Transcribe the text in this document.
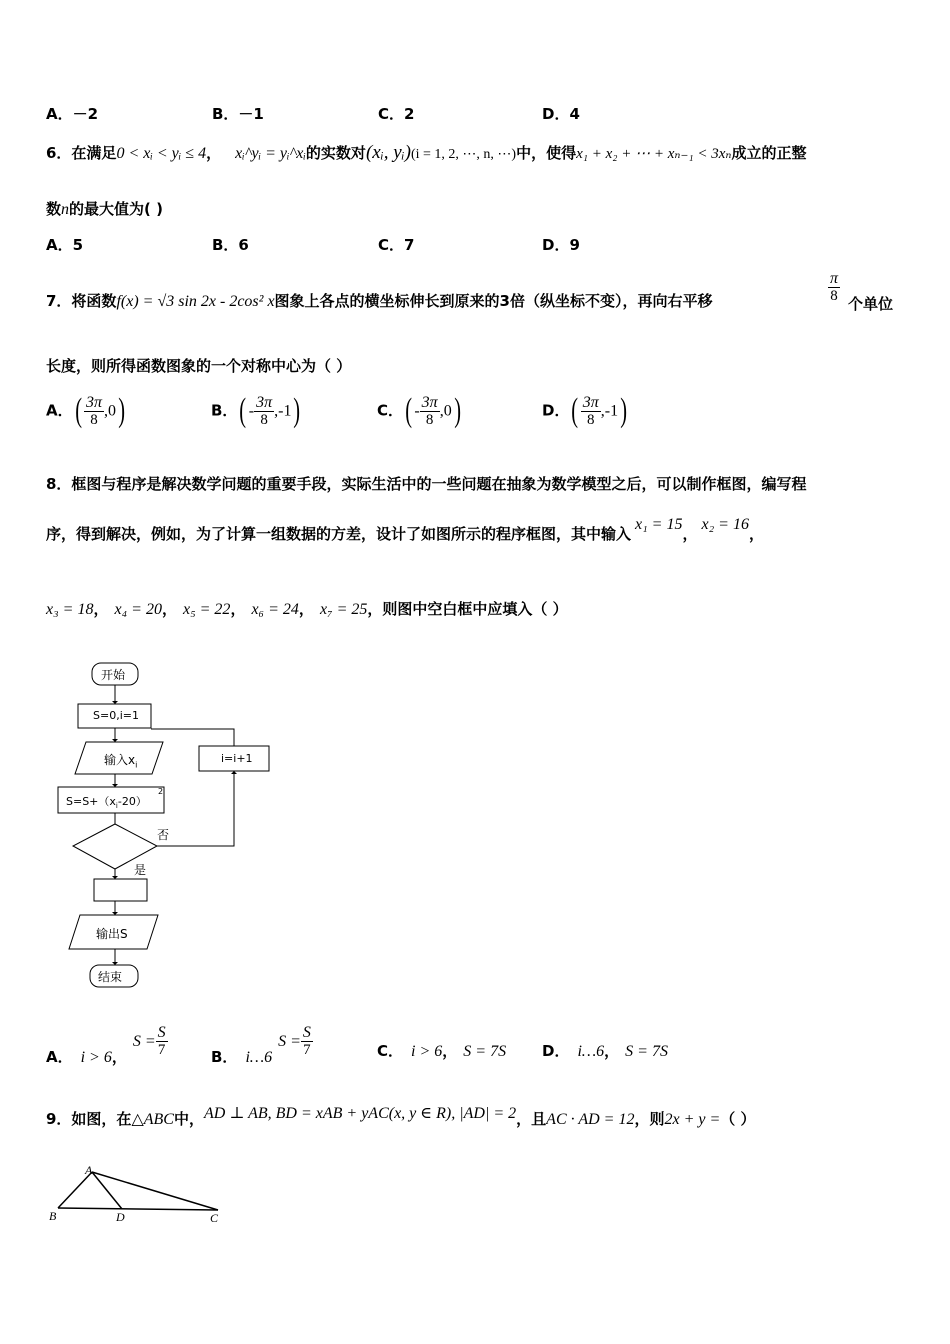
A．－2	B．－1	C．2	D．4
6．在满足0 < xᵢ < yᵢ ≤ 4， xᵢ^yᵢ = yᵢ^xᵢ的实数对(xᵢ, yᵢ)(i = 1, 2, ⋯, n, ⋯)中，使得x₁ + x₂ + ⋯ + xₙ₋₁ < 3xₙ成立的正整
数n的最大值为( )
A．5	B．6	C．7	D．9
7．将函数f(x) = √3 sin 2x - 2cos² x图象上各点的横坐标伸长到原来的3倍（纵坐标不变），再向右平移	$\frac{\pi}{8}$ 个单位
长度，则所得函数图象的一个对称中心为（ ）
A．( $\frac{3\pi}{8} ,0$)	B．( - $\frac{3\pi}{8} ,-1$)	C．( - $\frac{3\pi}{8} ,0$)	D．( $\frac{3\pi}{8} ,-1$)
8．框图与程序是解决数学问题的重要手段，实际生活中的一些问题在抽象为数学模型之后，可以制作框图，编写程
序，得到解决，例如，为了计算一组数据的方差，设计了如图所示的程序框图，其中输入x₁ = 15，x₂ = 16，
x₃ = 18， x₄ = 20， x₅ = 22， x₆ = 24， x₇ = 25，则图中空白框中应填入（ ）
开始
S=0,i=1
输入$x_i$
$S=S+(x_i-20)$
2
i=i+1
否
是
输出S
结束
A． i > 6，$S = \frac{S}{7}$	B． i…6S = $\frac{S}{7}$	C． i > 6， S = 7S D． i…6， S = 7S
9．如图，在△ABC中，AD ⊥ AB, BD = xAB + yAC(x, y ∈ R), |AD| = 2，且AC · AD = 12，则2x + y =（ ）
A
B	D	C
